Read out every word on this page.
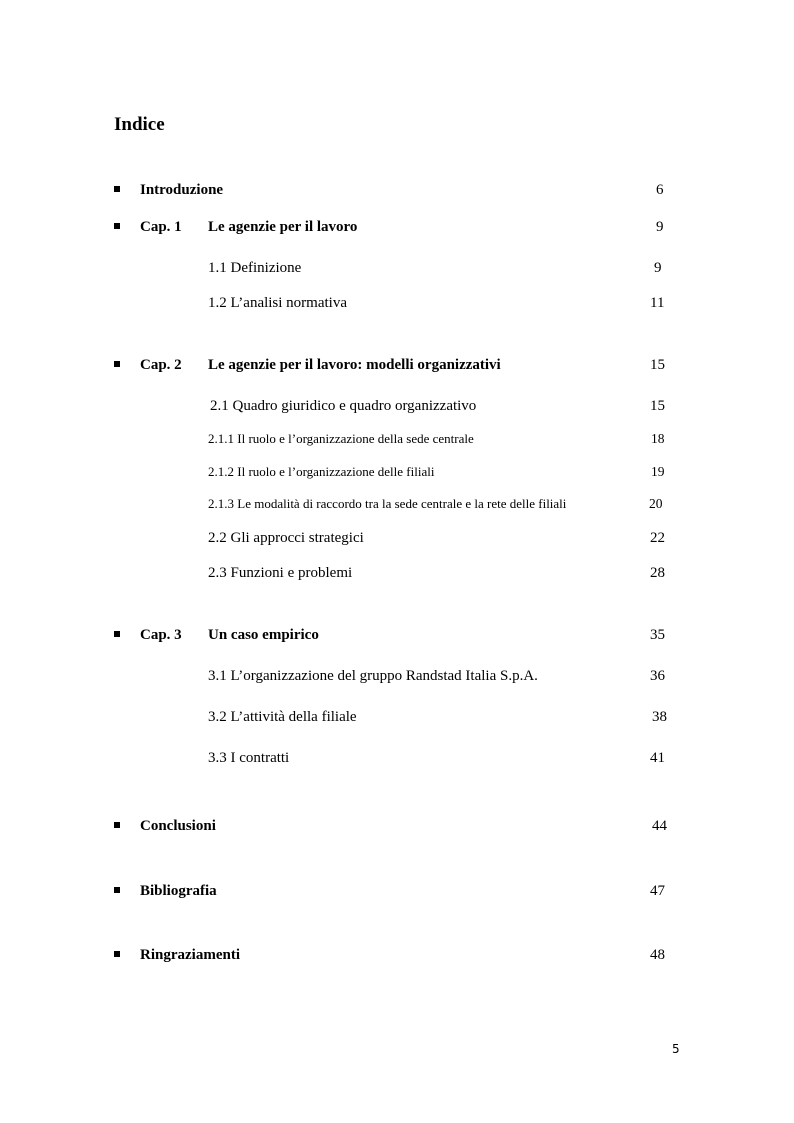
Indice
Introduzione	6
Cap. 1 Le agenzie per il lavoro	9
1.1 Definizione	9
1.2 L’analisi normativa	11
Cap. 2 Le agenzie per il lavoro: modelli organizzativi	15
2.1 Quadro giuridico e quadro organizzativo	15
2.1.1 Il ruolo e l’organizzazione della sede centrale	18
2.1.2 Il ruolo e l’organizzazione delle filiali	19
2.1.3 Le modalità di raccordo tra la sede centrale e la rete delle filiali	20
2.2 Gli approcci strategici	22
2.3 Funzioni e problemi	28
Cap. 3 Un caso empirico	35
3.1 L’organizzazione del gruppo Randstad Italia S.p.A.	36
3.2 L’attività della filiale	38
3.3 I contratti	41
Conclusioni	44
Bibliografia	47
Ringraziamenti	48
5
